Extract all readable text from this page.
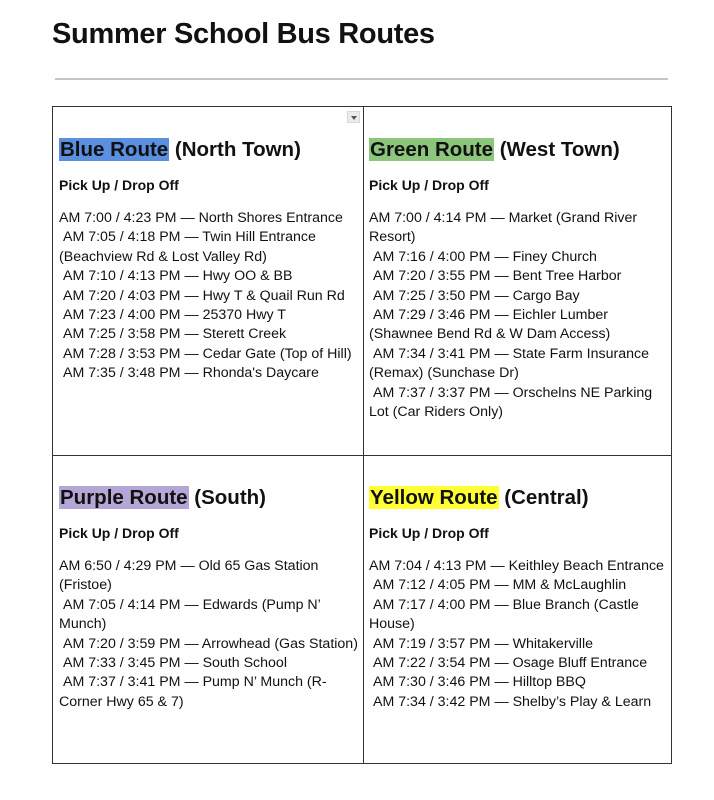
Summer School Bus Routes
Blue Route (North Town)
Pick Up / Drop Off

AM 7:00 / 4:23 PM — North Shores Entrance

AM 7:05 / 4:18 PM — Twin Hill Entrance (Beachview Rd & Lost Valley Rd)

AM 7:10 / 4:13 PM — Hwy OO & BB

AM 7:20 / 4:03 PM — Hwy T & Quail Run Rd

AM 7:23 / 4:00 PM — 25370 Hwy T

AM 7:25 / 3:58 PM — Sterett Creek

AM 7:28 / 3:53 PM — Cedar Gate (Top of Hill)

AM 7:35 / 3:48 PM — Rhonda's Daycare

Green Route (West Town)
Pick Up / Drop Off

AM 7:00 / 4:14 PM — Market (Grand River Resort)

AM 7:16 / 4:00 PM — Finey Church

AM 7:20 / 3:55 PM — Bent Tree Harbor

AM 7:25 / 3:50 PM — Cargo Bay

AM 7:29 / 3:46 PM — Eichler Lumber (Shawnee Bend Rd & W Dam Access)

AM 7:34 / 3:41 PM — State Farm Insurance (Remax) (Sunchase Dr)

AM 7:37 / 3:37 PM — Orschelns NE Parking Lot (Car Riders Only)

Purple Route (South)
Pick Up / Drop Off

AM 6:50 / 4:29 PM — Old 65 Gas Station (Fristoe)

AM 7:05 / 4:14 PM — Edwards (Pump N’ Munch)

AM 7:20 / 3:59 PM — Arrowhead (Gas Station)

AM 7:33 / 3:45 PM — South School

AM 7:37 / 3:41 PM — Pump N’ Munch (R-Corner Hwy 65 & 7)

Yellow Route (Central)
Pick Up / Drop Off

AM 7:04 / 4:13 PM — Keithley Beach Entrance

AM 7:12 / 4:05 PM — MM & McLaughlin

AM 7:17 / 4:00 PM — Blue Branch (Castle House)

AM 7:19 / 3:57 PM — Whitakerville

AM 7:22 / 3:54 PM — Osage Bluff Entrance

AM 7:30 / 3:46 PM — Hilltop BBQ

AM 7:34 / 3:42 PM — Shelby’s Play & Learn
